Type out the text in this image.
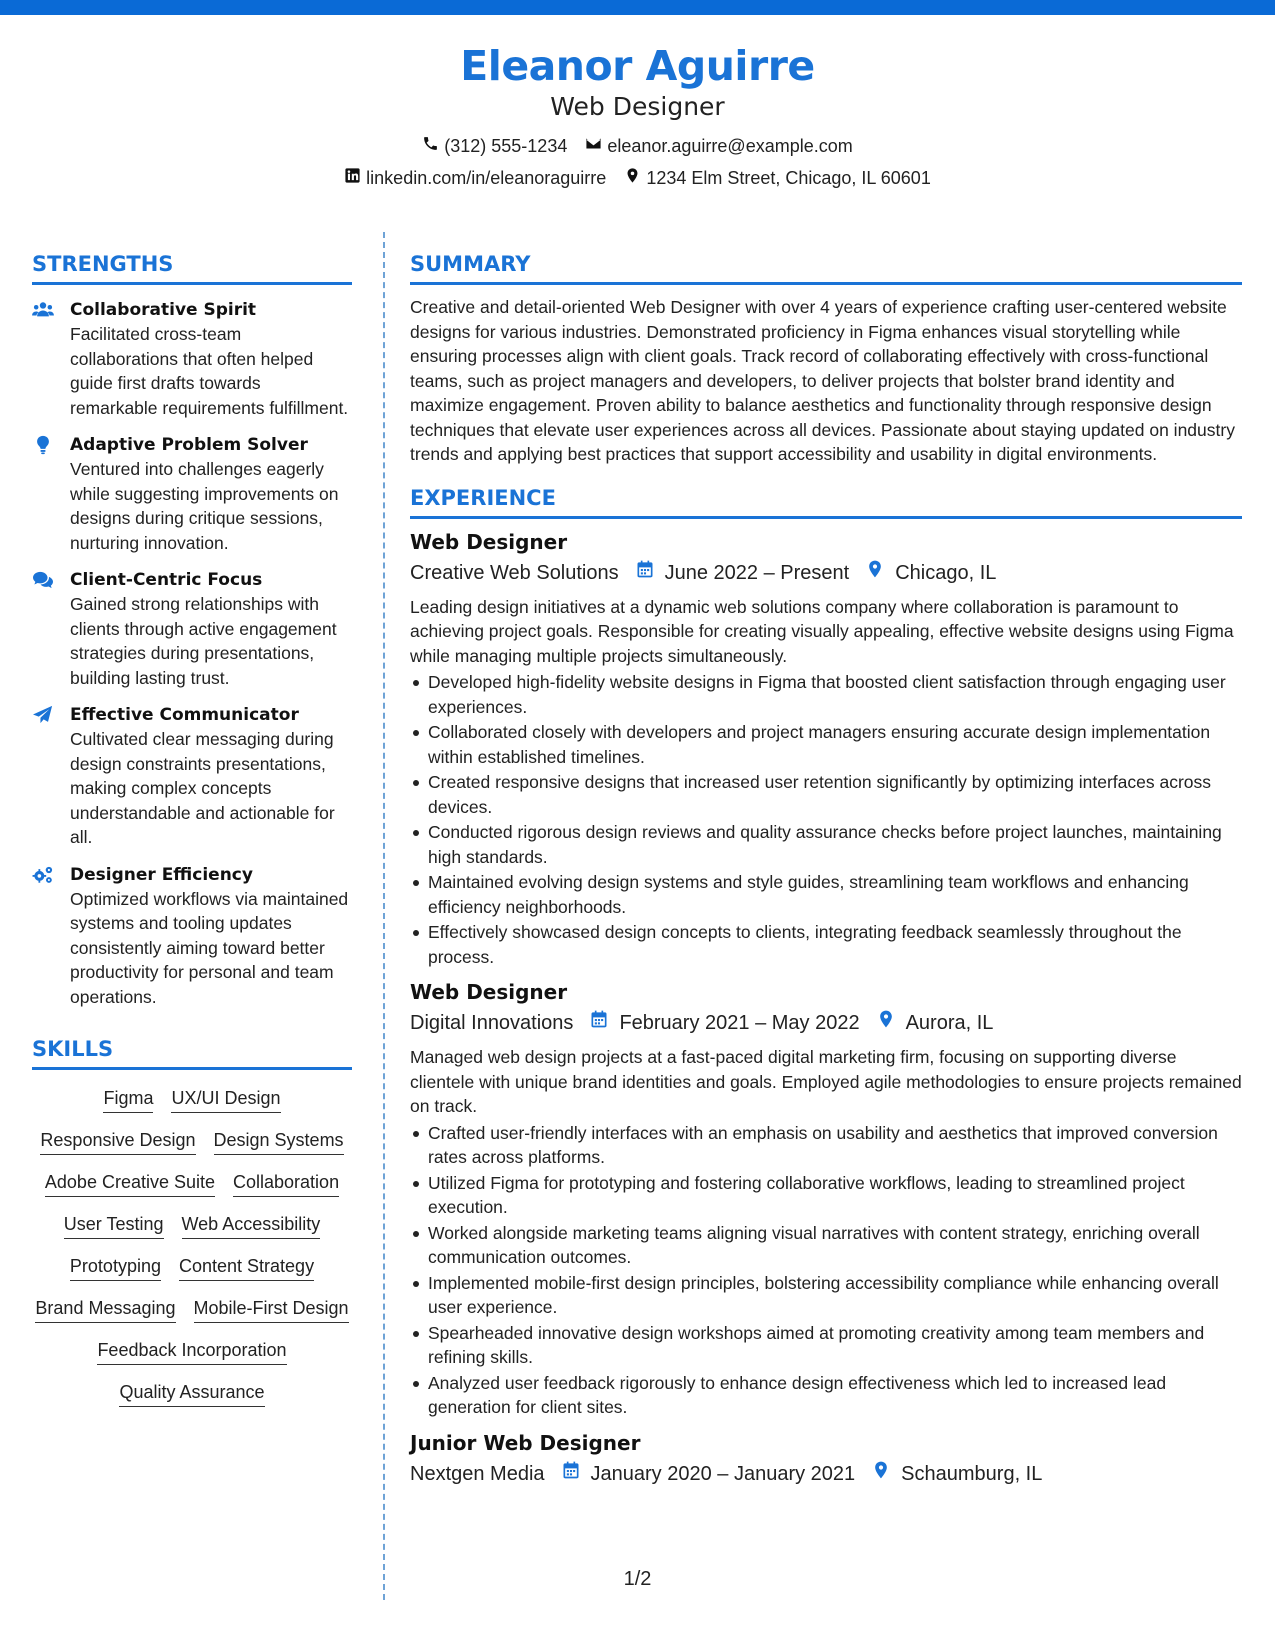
Eleanor Aguirre
Web Designer
(312) 555-1234 eleanor.aguirre@example.com
linkedin.com/in/eleanoraguirre 1234 Elm Street, Chicago, IL 60601
STRENGTHS
Collaborative Spirit
Facilitated cross-team collaborations that often helped guide first drafts towards remarkable requirements fulfillment.
Adaptive Problem Solver
Ventured into challenges eagerly while suggesting improvements on designs during critique sessions, nurturing innovation.
Client-Centric Focus
Gained strong relationships with clients through active engagement strategies during presentations, building lasting trust.
Effective Communicator
Cultivated clear messaging during design constraints presentations, making complex concepts understandable and actionable for all.
Designer Efficiency
Optimized workflows via maintained systems and tooling updates consistently aiming toward better productivity for personal and team operations.
SKILLS
Figma UX/UI Design
Responsive Design Design Systems
Adobe Creative Suite Collaboration
User Testing Web Accessibility
Prototyping Content Strategy
Brand Messaging Mobile-First Design
Feedback Incorporation
Quality Assurance
SUMMARY
Creative and detail-oriented Web Designer with over 4 years of experience crafting user-centered website designs for various industries. Demonstrated proficiency in Figma enhances visual storytelling while ensuring processes align with client goals. Track record of collaborating effectively with cross-functional teams, such as project managers and developers, to deliver projects that bolster brand identity and maximize engagement. Proven ability to balance aesthetics and functionality through responsive design techniques that elevate user experiences across all devices. Passionate about staying updated on industry trends and applying best practices that support accessibility and usability in digital environments.
EXPERIENCE
Web Designer
Creative Web Solutions June 2022 – Present Chicago, IL
Leading design initiatives at a dynamic web solutions company where collaboration is paramount to achieving project goals. Responsible for creating visually appealing, effective website designs using Figma while managing multiple projects simultaneously.
Developed high-fidelity website designs in Figma that boosted client satisfaction through engaging user experiences.
Collaborated closely with developers and project managers ensuring accurate design implementation within established timelines.
Created responsive designs that increased user retention significantly by optimizing interfaces across devices.
Conducted rigorous design reviews and quality assurance checks before project launches, maintaining high standards.
Maintained evolving design systems and style guides, streamlining team workflows and enhancing efficiency neighborhoods.
Effectively showcased design concepts to clients, integrating feedback seamlessly throughout the process.
Web Designer
Digital Innovations February 2021 – May 2022 Aurora, IL
Managed web design projects at a fast-paced digital marketing firm, focusing on supporting diverse clientele with unique brand identities and goals. Employed agile methodologies to ensure projects remained on track.
Crafted user-friendly interfaces with an emphasis on usability and aesthetics that improved conversion rates across platforms.
Utilized Figma for prototyping and fostering collaborative workflows, leading to streamlined project execution.
Worked alongside marketing teams aligning visual narratives with content strategy, enriching overall communication outcomes.
Implemented mobile-first design principles, bolstering accessibility compliance while enhancing overall user experience.
Spearheaded innovative design workshops aimed at promoting creativity among team members and refining skills.
Analyzed user feedback rigorously to enhance design effectiveness which led to increased lead generation for client sites.
Junior Web Designer
Nextgen Media January 2020 – January 2021 Schaumburg, IL
1/2
